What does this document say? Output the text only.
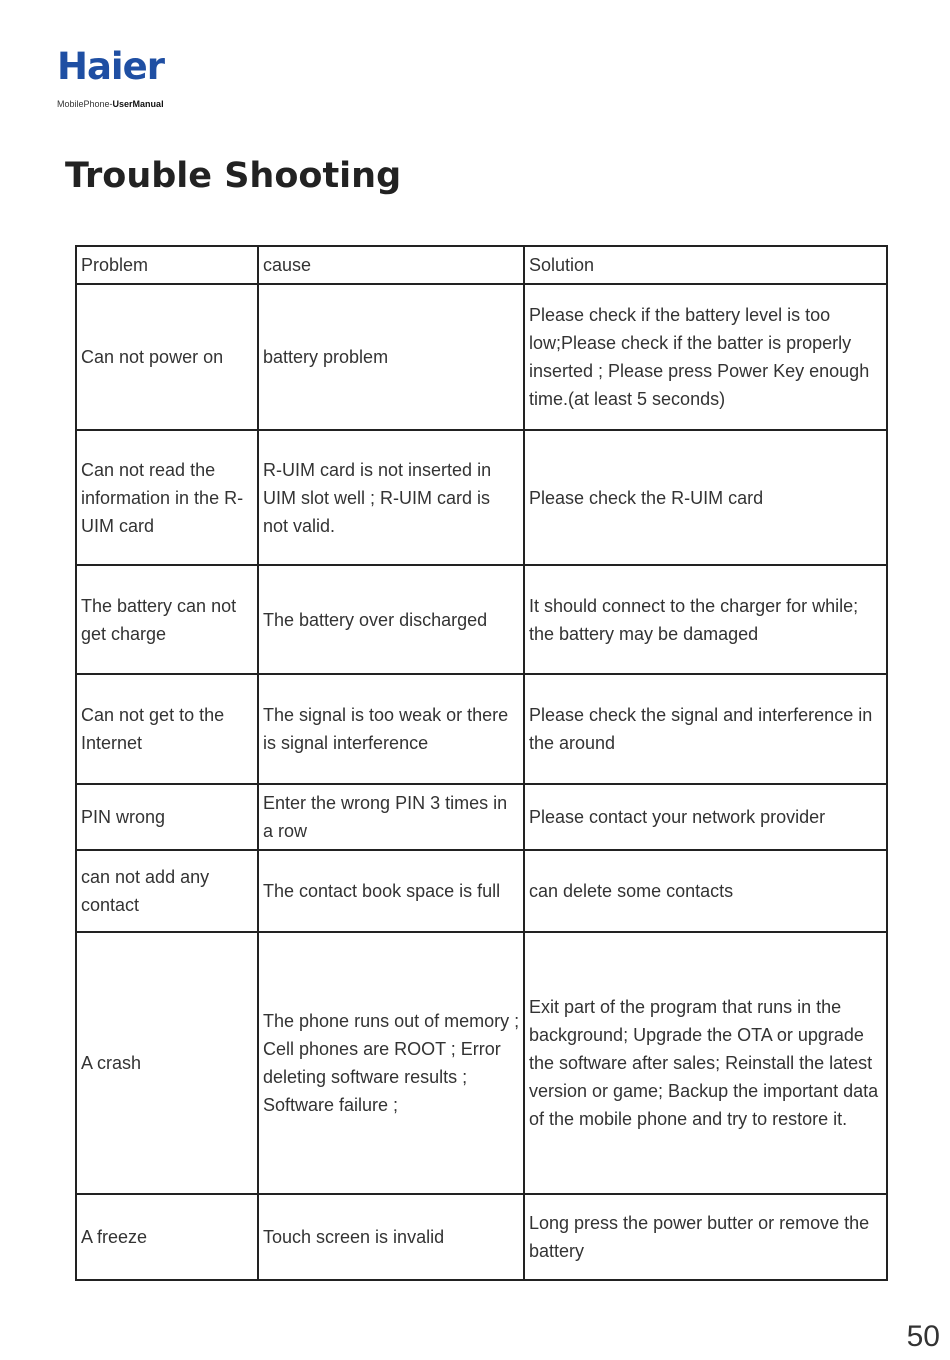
Haier
MobilePhone-UserManual
Trouble Shooting
Problem	cause	Solution
Can not power on	battery problem	Please check if the battery level is too low;Please check if the batter is properly inserted ; Please press Power Key enough time.(at least 5 seconds)
Can not read the information in the R-UIM card	R-UIM card is not inserted in UIM slot well ; R-UIM card is not valid.	Please check the R-UIM card
The battery can not get charge	The battery over discharged	It should connect to the charger for while; the battery may be damaged
Can not get to the Internet	The signal is too weak or there is signal interference	Please check the signal and interference in the around
PIN wrong	Enter the wrong PIN 3 times in a row	Please contact your network provider
can not add any contact	The contact book space is full	can delete some contacts
A crash	The phone runs out of memory ; Cell phones are ROOT ; Error deleting software results ; Software failure ;	Exit part of the program that runs in the background; Upgrade the OTA or upgrade the software after sales; Reinstall the latest version or game; Backup the important data of the mobile phone and try to restore it.
A freeze	Touch screen is invalid	Long press the power butter or remove the battery
50
